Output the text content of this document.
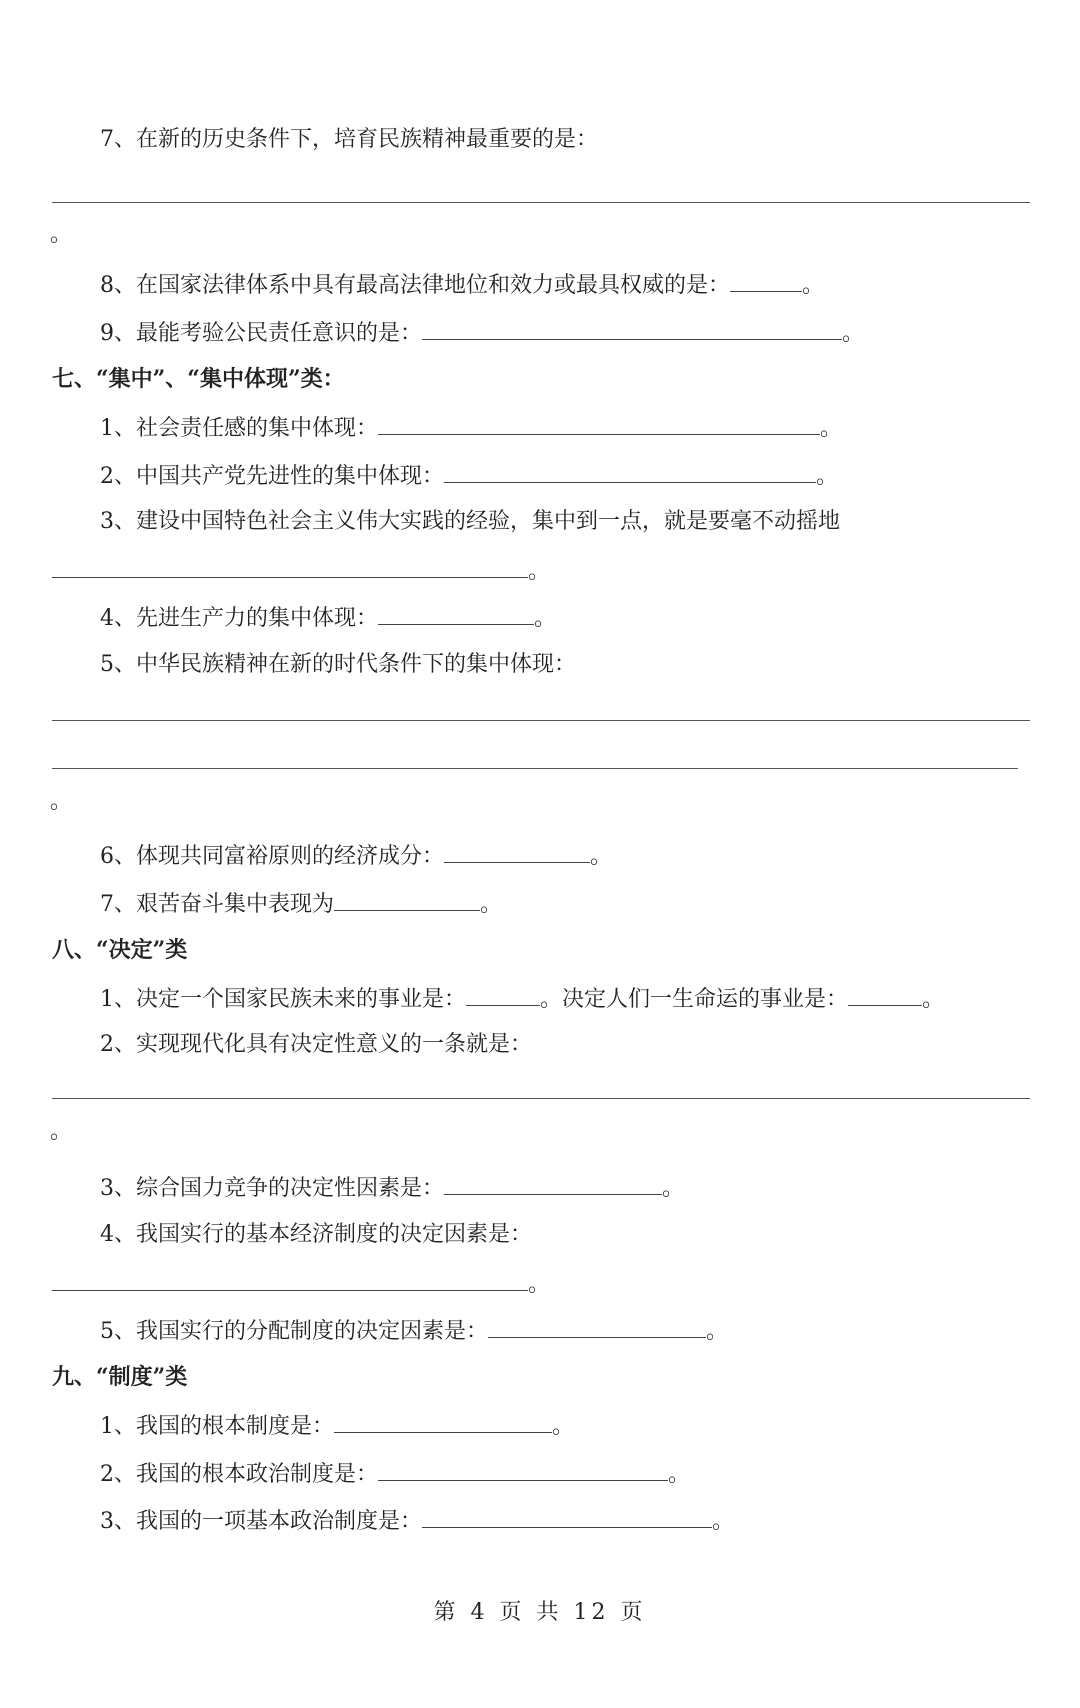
7、在新的历史条件下，培育民族精神最重要的是：
。
8、在国家法律体系中具有最高法律地位和效力或最具权威的是：	。
9、最能考验公民责任意识的是：	。
七、“集中”、“集中体现”类：
1、社会责任感的集中体现：	。
2、中国共产党先进性的集中体现：	。
3、建设中国特色社会主义伟大实践的经验，集中到一点，就是要毫不动摇地
。
4、先进生产力的集中体现：	。
5、中华民族精神在新的时代条件下的集中体现：
。
6、体现共同富裕原则的经济成分：	。
7、艰苦奋斗集中表现为	。
八、“决定”类
1、决定一个国家民族未来的事业是：	。决定人们一生命运的事业是：	。
2、实现现代化具有决定性意义的一条就是：
。
3、综合国力竞争的决定性因素是：	。
4、我国实行的基本经济制度的决定因素是：
。
5、我国实行的分配制度的决定因素是：	。
九、“制度”类
1、我国的根本制度是：	。
2、我国的根本政治制度是：	。
3、我国的一项基本政治制度是：	。
第 4 页 共 12 页
